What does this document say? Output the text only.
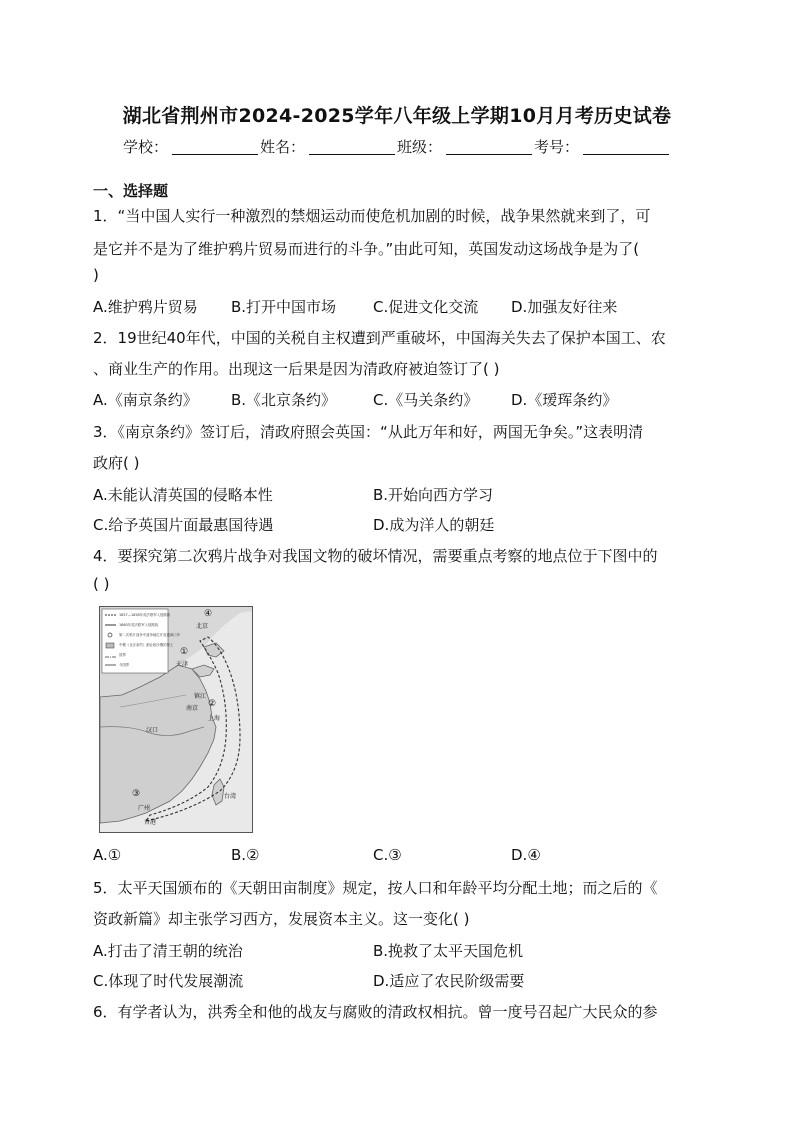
湖北省荆州市2024-2025学年八年级上学期10月月考历史试卷
学校：	姓名：	班级：	考号：
一、选择题
1．“当中国人实行一种激烈的禁烟运动而使危机加剧的时候，战争果然就来到了，可
是它并不是为了维护鸦片贸易而进行的斗争。”由此可知，英国发动这场战争是为了(
)
A.维护鸦片贸易 B.打开中国市场 C.促进文化交流 D.加强友好往来
2．19世纪40年代，中国的关税自主权遭到严重破坏，中国海关失去了保护本国工、农
、商业生产的作用。出现这一后果是因为清政府被迫签订了( )
A.《南京条约》 B.《北京条约》 C.《马关条约》 D.《瑷珲条约》
3．《南京条约》签订后，清政府照会英国：“从此万年和好，两国无争矣。”这表明清
政府( )
A.未能认清英国的侵略本性	B.开始向西方学习
C.给予英国片面最惠国待遇	D.成为洋人的朝廷
4．要探究第二次鸦片战争对我国文物的破坏情况，需要重点考察的地点位于下图中的
( )
1857—1858年英法联军入侵路线
1860年英法联军入侵路线
第二次鸦片战争中战争地位开放通商口岸
中俄《北京条约》割让给沙俄的领土
国界
今国界	天津
北京
上海
广州
香港
台湾
汉口
南京
镇江
④
①
②
③
A.①	B.②	C.③	D.④
5．太平天国颁布的《天朝田亩制度》规定，按人口和年龄平均分配土地；而之后的《
资政新篇》却主张学习西方，发展资本主义。这一变化( )
A.打击了清王朝的统治	B.挽救了太平天国危机
C.体现了时代发展潮流	D.适应了农民阶级需要
6．有学者认为，洪秀全和他的战友与腐败的清政权相抗。曾一度号召起广大民众的参
